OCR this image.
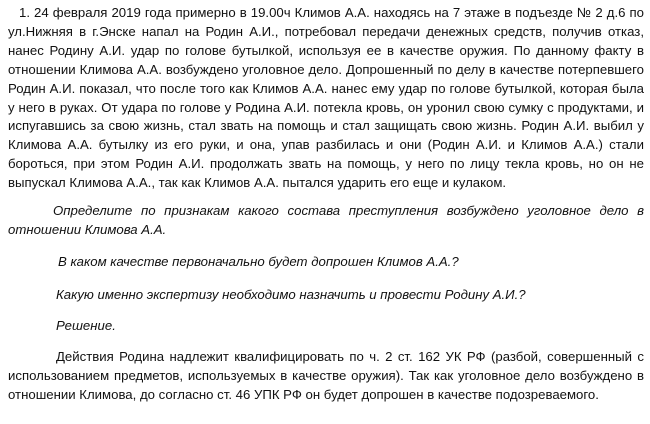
1. 24 февраля 2019 года примерно в 19.00ч Климов А.А. находясь на 7 этаже в подъезде № 2 д.6 по ул.Нижняя в г.Энске напал на Родин А.И., потребовал передачи денежных средств, получив отказ, нанес Родину А.И. удар по голове бутылкой, используя ее в качестве оружия. По данному факту в отношении Климова А.А. возбуждено уголовное дело. Допрошенный по делу в качестве потерпевшего Родин А.И. показал, что после того как Климов А.А. нанес ему удар по голове бутылкой, которая была у него в руках. От удара по голове у Родина А.И. потекла кровь, он уронил свою сумку с продуктами, и испугавшись за свою жизнь, стал звать на помощь и стал защищать свою жизнь. Родин А.И. выбил у Климова А.А. бутылку из его руки, и она, упав разбилась и они (Родин А.И. и Климов А.А.) стали бороться, при этом Родин А.И. продолжать звать на помощь, у него по лицу текла кровь, но он не выпускал Климова А.А., так как Климов А.А. пытался ударить его еще и кулаком.

Определите по признакам какого состава преступления возбуждено уголовное дело в отношении Климова А.А.

В каком качестве первоначально будет допрошен Климов А.А.?

Какую именно экспертизу необходимо назначить и провести Родину А.И.?

Решение.

Действия Родина надлежит квалифицировать по ч. 2 ст. 162 УК РФ (разбой, совершенный с использованием предметов, используемых в качестве оружия). Так как уголовное дело возбуждено в отношении Климова, до согласно ст. 46 УПК РФ он будет допрошен в качестве подозреваемого.
